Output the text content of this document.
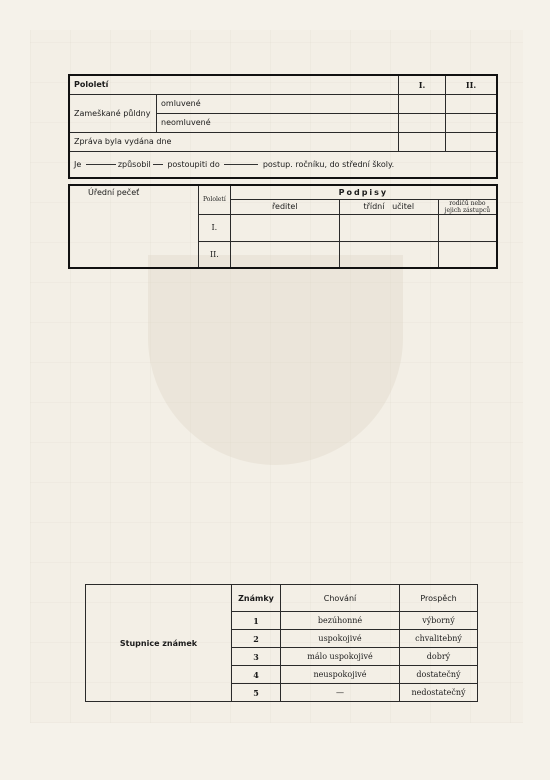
Pololetí		I.	II.
Zameškané půldny	omluvené		
	neomluvené		
Zpráva byla vydána dne			
Je způsobil postoupiti do postup. ročníku, do střední školy.			
Úřední pečeť	Pololetí	Podpisy		
		ředitel	třídní   učitel	rodičů nebo jejich zástupců
	I.			
	II.			
Stupnice známek	Známky	Chování	Prospěch
	1	bezúhonné	výborný
	2	uspokojivé	chvalitebný
	3	málo uspokojivé	dobrý
	4	neuspokojivé	dostatečný
	5	—	nedostatečný
